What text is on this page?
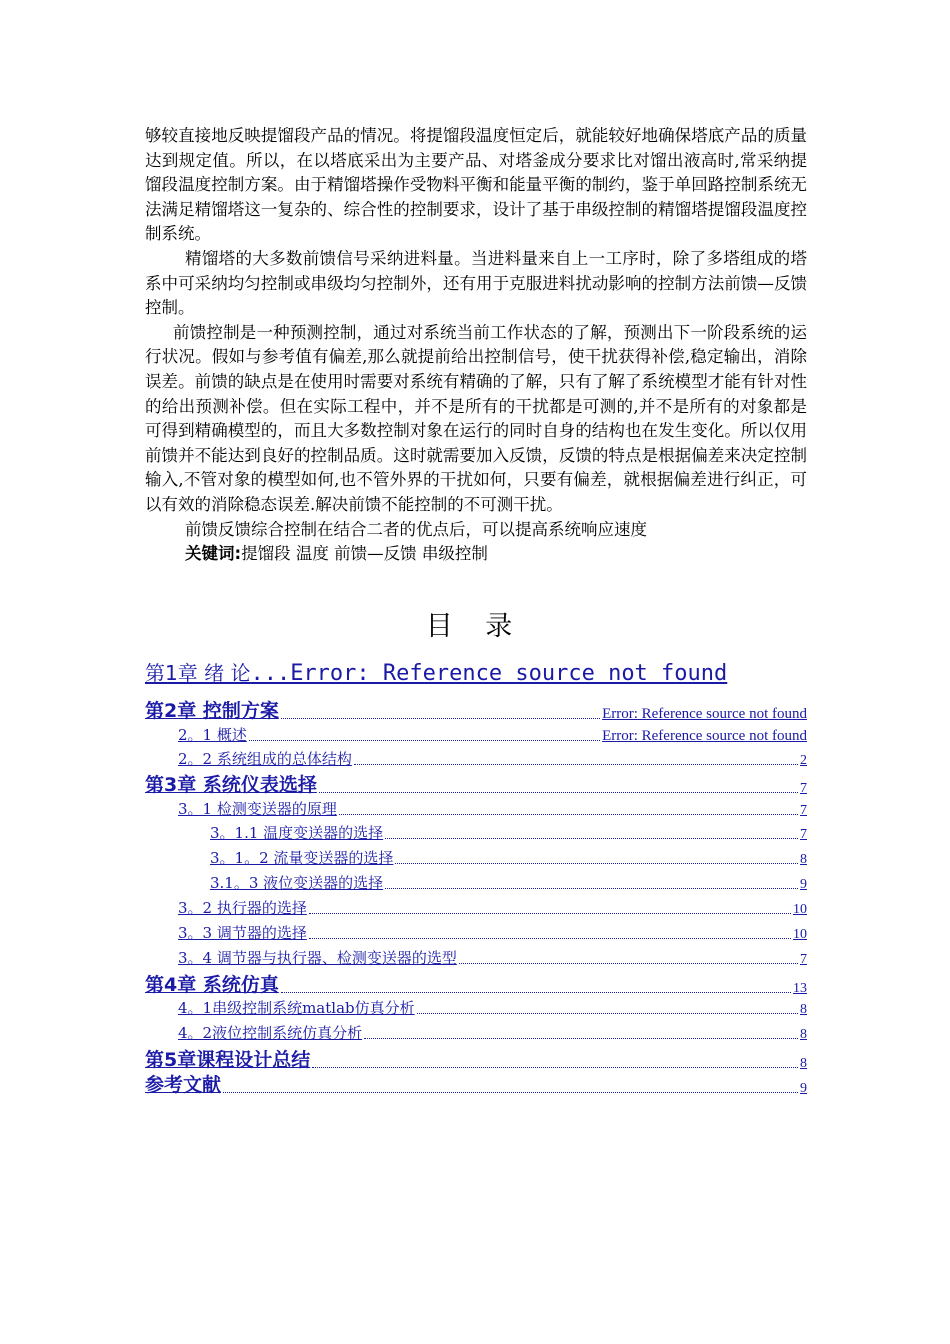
够较直接地反映提馏段产品的情况。将提馏段温度恒定后，就能较好地确保塔底产品的质量达到规定值。所以，在以塔底采出为主要产品、对塔釜成分要求比对馏出液高时,常采纳提馏段温度控制方案。由于精馏塔操作受物料平衡和能量平衡的制约，鉴于单回路控制系统无法满足精馏塔这一复杂的、综合性的控制要求，设计了基于串级控制的精馏塔提馏段温度控制系统。

精馏塔的大多数前馈信号采纳进料量。当进料量来自上一工序时，除了多塔组成的塔系中可采纳均匀控制或串级均匀控制外，还有用于克服进料扰动影响的控制方法前馈—反馈控制。

前馈控制是一种预测控制，通过对系统当前工作状态的了解，预测出下一阶段系统的运行状况。假如与参考值有偏差,那么就提前给出控制信号，使干扰获得补偿,稳定输出，消除误差。前馈的缺点是在使用时需要对系统有精确的了解，只有了解了系统模型才能有针对性的给出预测补偿。但在实际工程中，并不是所有的干扰都是可测的,并不是所有的对象都是可得到精确模型的，而且大多数控制对象在运行的同时自身的结构也在发生变化。所以仅用前馈并不能达到良好的控制品质。这时就需要加入反馈，反馈的特点是根据偏差来决定控制输入,不管对象的模型如何,也不管外界的干扰如何，只要有偏差，就根据偏差进行纠正，可以有效的消除稳态误差.解决前馈不能控制的不可测干扰。

前馈反馈综合控制在结合二者的优点后，可以提高系统响应速度

关键词:提馏段 温度 前馈—反馈 串级控制

目 录
第1章 绪 论...Error: Reference source not found
第2章 控制方案	Error: Reference source not found
2。1 概述	Error: Reference source not found
2。2 系统组成的总体结构	2
第3章 系统仪表选择	7
3。1 检测变送器的原理	7
3。1.1 温度变送器的选择	7
3。1。2 流量变送器的选择	8
3.1。3 液位变送器的选择	9
3。2 执行器的选择	10
3。3 调节器的选择	10
3。4 调节器与执行器、检测变送器的选型	7
第4章 系统仿真	13
4。1串级控制系统matlab仿真分析	8
4。2液位控制系统仿真分析	8
第5章课程设计总结	8
参考文献	9
